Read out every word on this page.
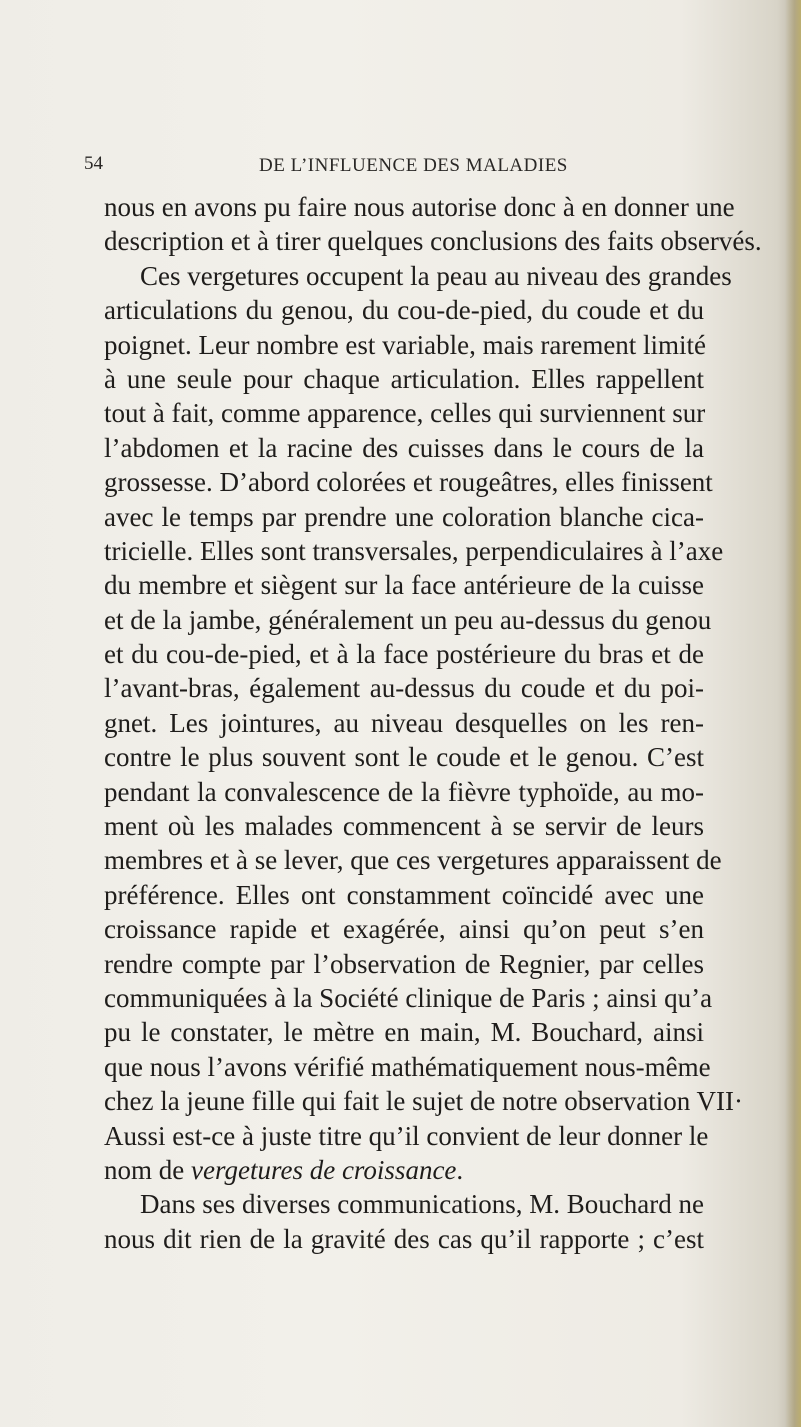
54	DE L’INFLUENCE DES MALADIES
nous en avons pu faire nous autorise donc à en donner une
description et à tirer quelques conclusions des faits observés.
Ces vergetures occupent la peau au niveau des grandes
articulations du genou, du cou-de-pied, du coude et du
poignet. Leur nombre est variable, mais rarement limité
à une seule pour chaque articulation. Elles rappellent
tout à fait, comme apparence, celles qui surviennent sur
l’abdomen et la racine des cuisses dans le cours de la
grossesse. D’abord colorées et rougeâtres, elles finissent
avec le temps par prendre une coloration blanche cica-
tricielle. Elles sont transversales, perpendiculaires à l’axe
du membre et siègent sur la face antérieure de la cuisse
et de la jambe, généralement un peu au-dessus du genou
et du cou-de-pied, et à la face postérieure du bras et de
l’avant-bras, également au-dessus du coude et du poi-
gnet. Les jointures, au niveau desquelles on les ren-
contre le plus souvent sont le coude et le genou. C’est
pendant la convalescence de la fièvre typhoïde, au mo-
ment où les malades commencent à se servir de leurs
membres et à se lever, que ces vergetures apparaissent de
préférence. Elles ont constamment coïncidé avec une
croissance rapide et exagérée, ainsi qu’on peut s’en
rendre compte par l’observation de Regnier, par celles
communiquées à la Société clinique de Paris ; ainsi qu’a
pu le constater, le mètre en main, M. Bouchard, ainsi
que nous l’avons vérifié mathématiquement nous-même
chez la jeune fille qui fait le sujet de notre observation VII·
Aussi est-ce à juste titre qu’il convient de leur donner le
nom de vergetures de croissance.
Dans ses diverses communications, M. Bouchard ne
nous dit rien de la gravité des cas qu’il rapporte ; c’est
